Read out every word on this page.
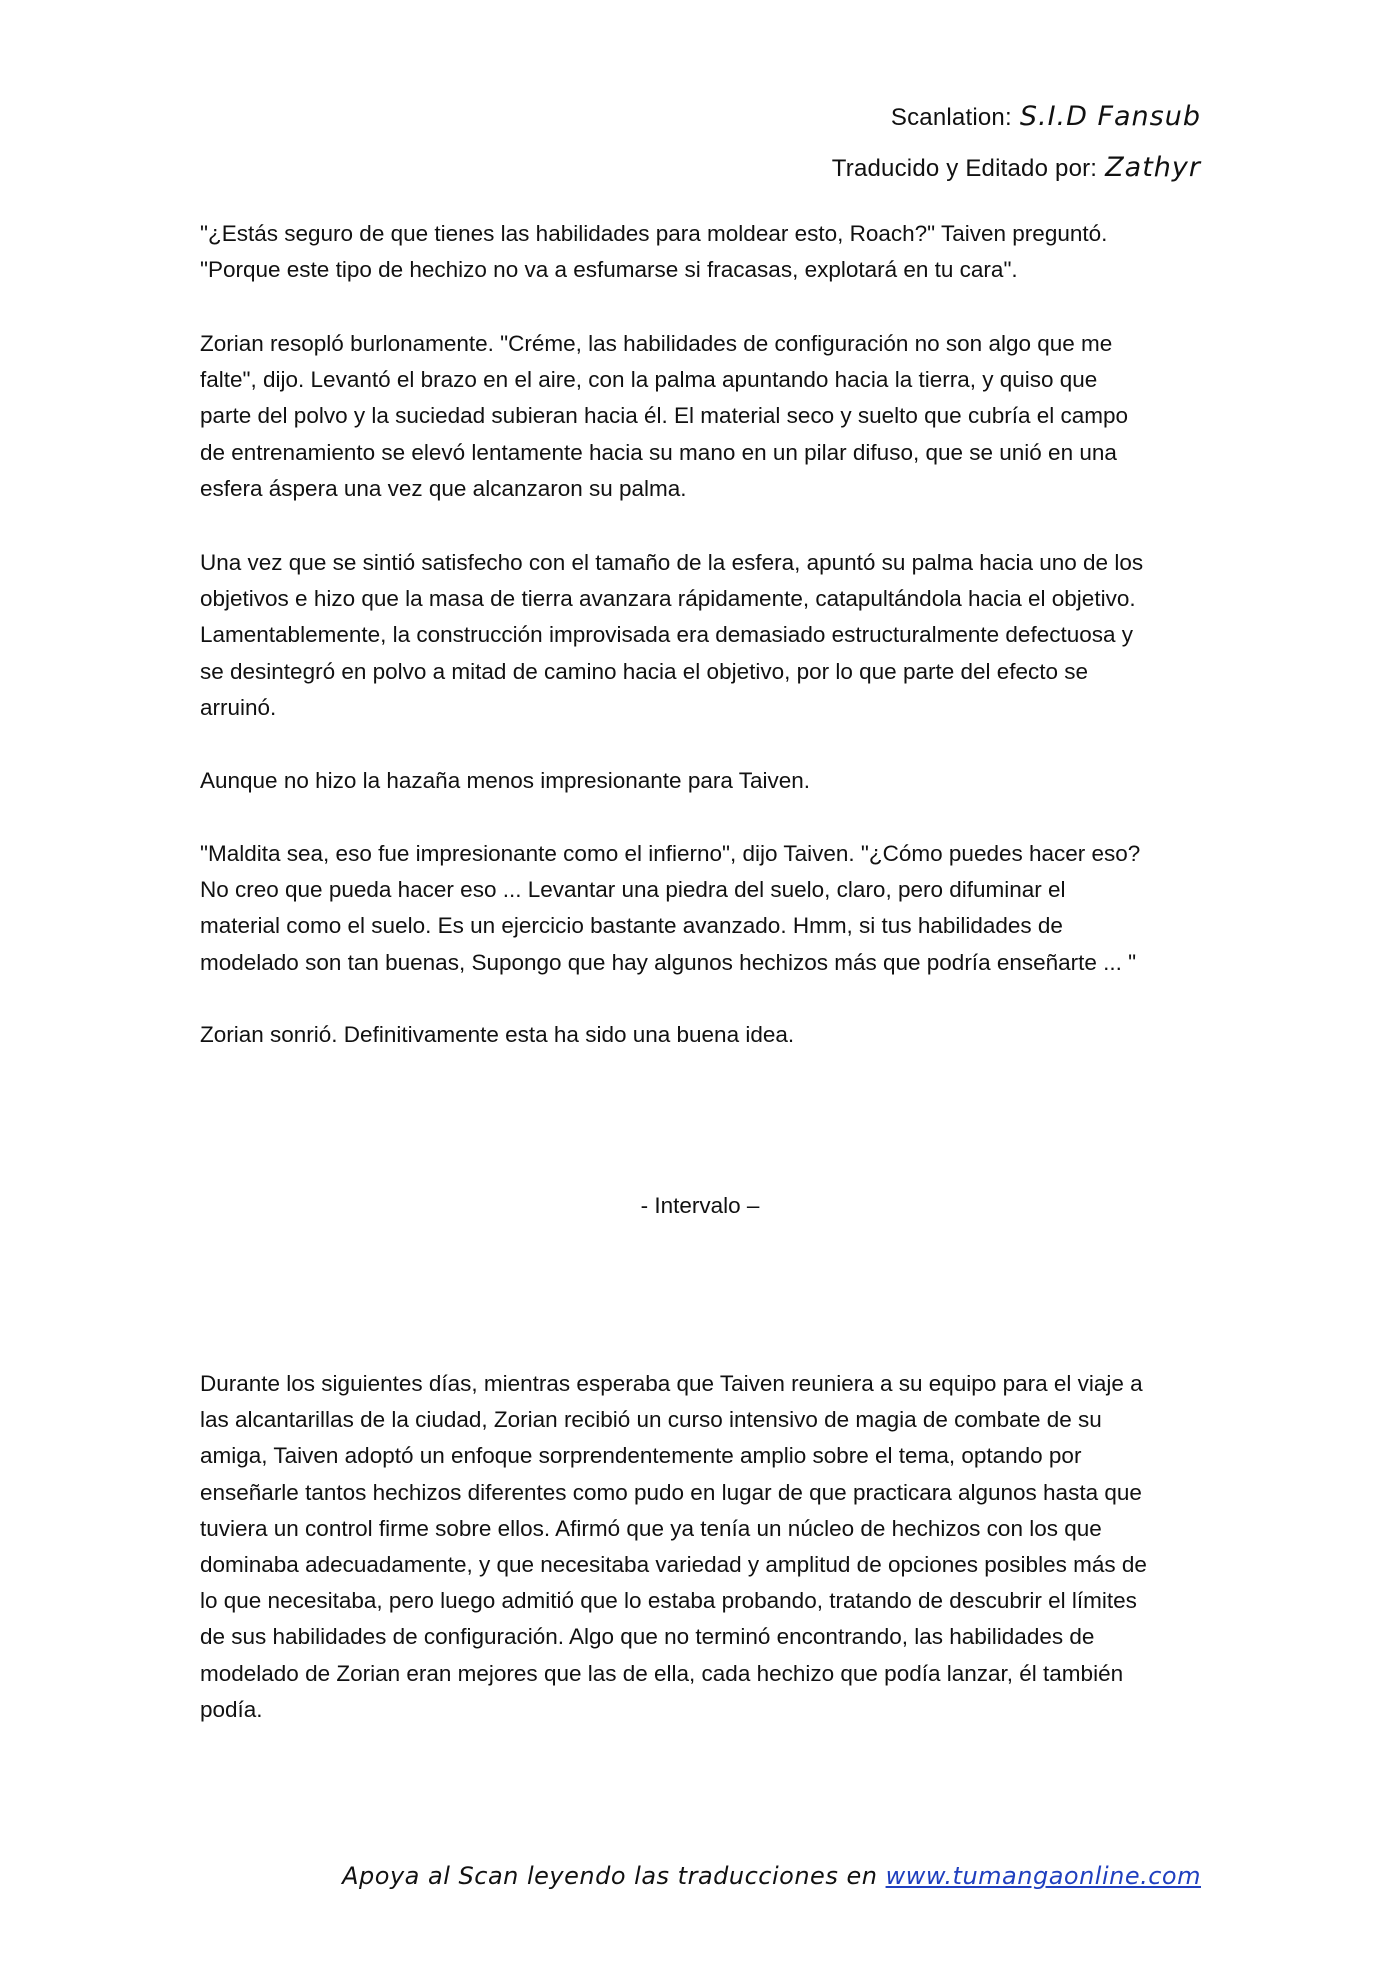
Scanlation: S.I.D Fansub
Traducido y Editado por: Zathyr

"¿Estás seguro de que tienes las habilidades para moldear esto, Roach?" Taiven preguntó.

"Porque este tipo de hechizo no va a esfumarse si fracasas, explotará en tu cara".

Zorian resopló burlonamente. "Créme, las habilidades de configuración no son algo que me

falte", dijo. Levantó el brazo en el aire, con la palma apuntando hacia la tierra, y quiso que

parte del polvo y la suciedad subieran hacia él. El material seco y suelto que cubría el campo

de entrenamiento se elevó lentamente hacia su mano en un pilar difuso, que se unió en una

esfera áspera una vez que alcanzaron su palma.

Una vez que se sintió satisfecho con el tamaño de la esfera, apuntó su palma hacia uno de los

objetivos e hizo que la masa de tierra avanzara rápidamente, catapultándola hacia el objetivo.

Lamentablemente, la construcción improvisada era demasiado estructuralmente defectuosa y

se desintegró en polvo a mitad de camino hacia el objetivo, por lo que parte del efecto se

arruinó.

Aunque no hizo la hazaña menos impresionante para Taiven.

"Maldita sea, eso fue impresionante como el infierno", dijo Taiven. "¿Cómo puedes hacer eso?

No creo que pueda hacer eso ... Levantar una piedra del suelo, claro, pero difuminar el

material como el suelo. Es un ejercicio bastante avanzado. Hmm, si tus habilidades de

modelado son tan buenas, Supongo que hay algunos hechizos más que podría enseñarte ... "

Zorian sonrió. Definitivamente esta ha sido una buena idea.

Durante los siguientes días, mientras esperaba que Taiven reuniera a su equipo para el viaje a

las alcantarillas de la ciudad, Zorian recibió un curso intensivo de magia de combate de su

amiga, Taiven adoptó un enfoque sorprendentemente amplio sobre el tema, optando por

enseñarle tantos hechizos diferentes como pudo en lugar de que practicara algunos hasta que

tuviera un control firme sobre ellos. Afirmó que ya tenía un núcleo de hechizos con los que

dominaba adecuadamente, y que necesitaba variedad y amplitud de opciones posibles más de

lo que necesitaba, pero luego admitió que lo estaba probando, tratando de descubrir el límites

de sus habilidades de configuración. Algo que no terminó encontrando, las habilidades de

modelado de Zorian eran mejores que las de ella, cada hechizo que podía lanzar, él también

podía.

- Intervalo –
Apoya al Scan leyendo las traducciones en www.tumangaonline.com
